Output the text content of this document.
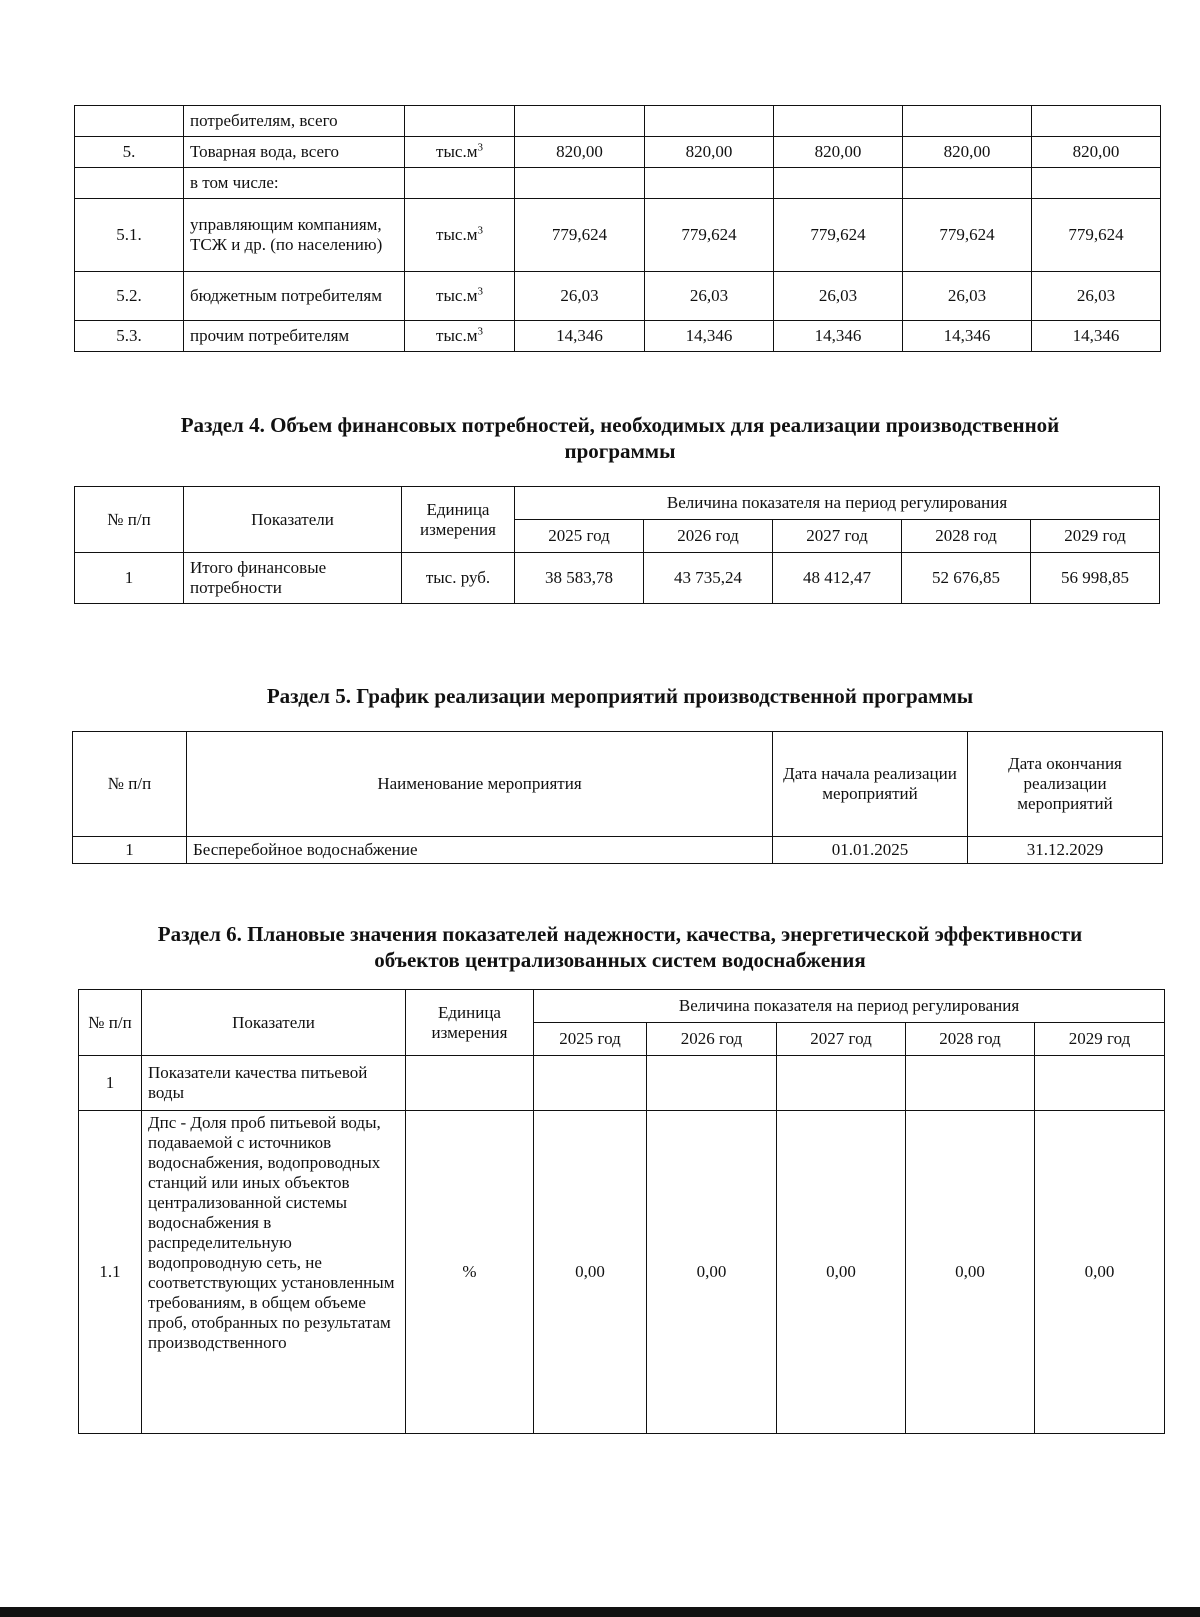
	потребителям, всего						
5.	Товарная вода, всего	$тыс.м^3$	820,00	820,00	820,00	820,00	820,00
	в том числе:						
5.1.	управляющим компаниям, ТСЖ и др. (по населению)	$тыс.м^3$	779,624	779,624	779,624	779,624	779,624
5.2.	бюджетным потребителям	$тыс.м^3$	26,03	26,03	26,03	26,03	26,03
5.3.	прочим потребителям	$тыс.м^3$	14,346	14,346	14,346	14,346	14,346
Раздел 4. Объем финансовых потребностей, необходимых для реализации производственной
программы
№ п/п	Показатели	Единица измерения	Величина показателя на период регулирования				
			2025 год	2026 год	2027 год	2028 год	2029 год
1	Итого финансовые потребности	тыс. руб.	38 583,78	43 735,24	48 412,47	52 676,85	56 998,85
Раздел 5. График реализации мероприятий производственной программы
№ п/п	Наименование мероприятия	Дата начала реализации мероприятий	Дата окончания реализации мероприятий
1	Бесперебойное водоснабжение	01.01.2025	31.12.2029
Раздел 6. Плановые значения показателей надежности, качества, энергетической эффективности
объектов централизованных систем водоснабжения
№ п/п	Показатели	Единица измерения	Величина показателя на период регулирования				
			2025 год	2026 год	2027 год	2028 год	2029 год
1	Показатели качества питьевой воды						
1.1	Дпс - Доля проб питьевой воды, подаваемой с источников водоснабжения, водопроводных станций или иных объектов централизованной системы водоснабжения в распределительную водопроводную сеть, не соответствующих установленным требованиям, в общем объеме проб, отобранных по результатам производственного	%	0,00	0,00	0,00	0,00	0,00
